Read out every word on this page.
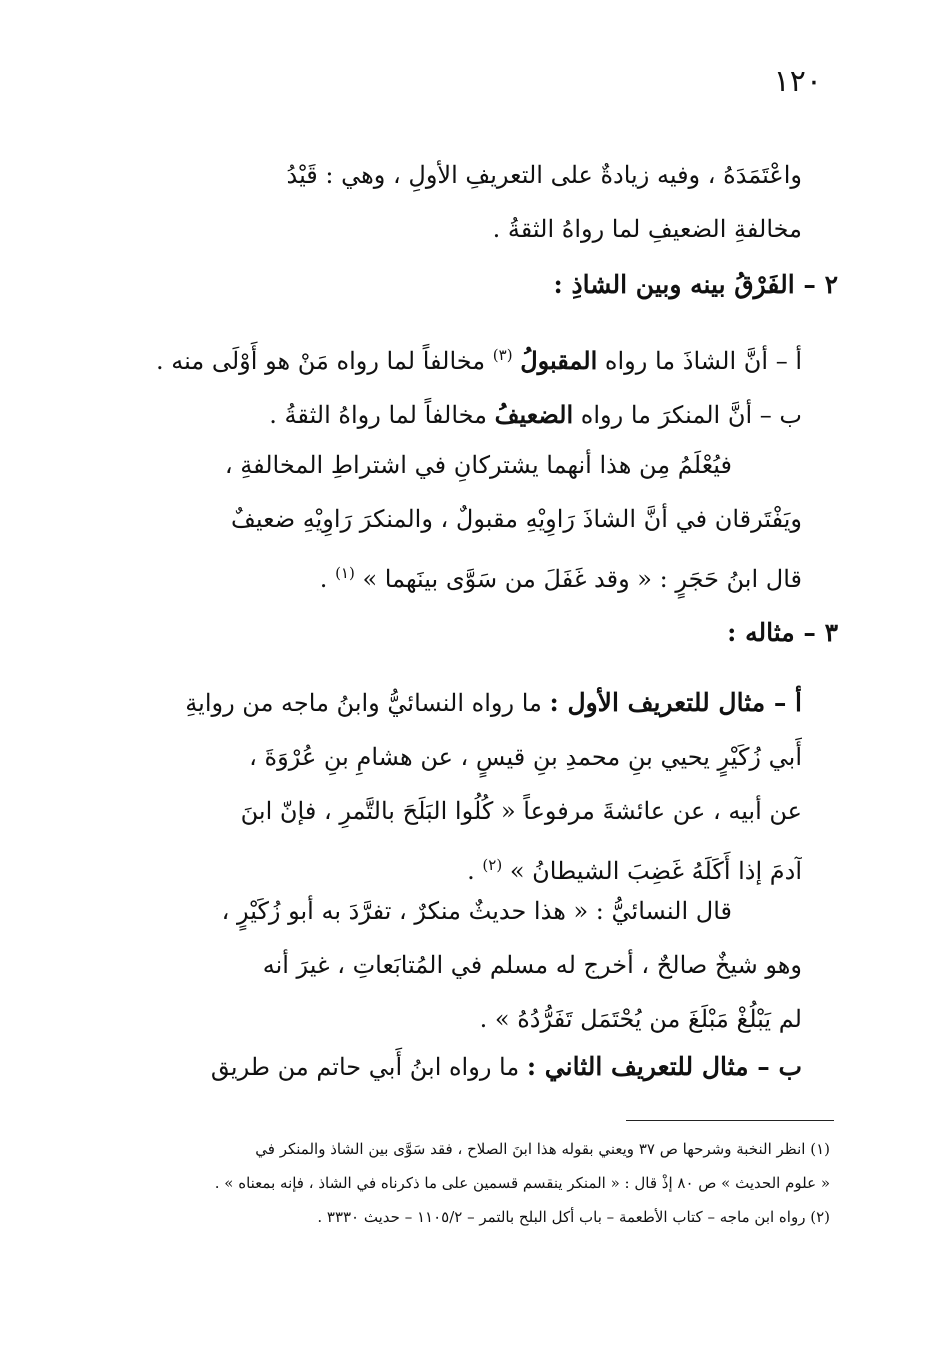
١٢٠
واعْتَمَدَهُ ، وفيه زيادةٌ على التعريفِ الأولِ ، وهي : قَيْدُ
مخالفةِ الضعيفِ لما رواهُ الثقةُ .
٢ – الفَرْقُ بينه وبين الشاذِ :
أ – أنَّ الشاذَ ما رواه المقبولُ $^{(٣)}$ مخالفاً لما رواه مَنْ هو أَوْلَى منه .
ب – أنَّ المنكرَ ما رواه الضعيفُ مخالفاً لما رواهُ الثقةُ .
فيُعْلَمُ مِن هذا أنهما يشتركانِ في اشتراطِ المخالفةِ ،
ويَفْتَرقان في أنَّ الشاذَ رَاوِيْهِ مقبولٌ ، والمنكرَ رَاوِيْهِ ضعيفٌ
قال ابنُ حَجَرٍ : « وقد غَفَلَ من سَوَّى بينَهما » $^{(١)}$ .
٣ – مثاله :
أ – مثال للتعريف الأول : ما رواه النسائيُّ وابنُ ماجه من روايةِ
أَبي زُكَيْرٍ يحيي بنِ محمدِ بنِ قيسٍ ، عن هشامِ بنِ عُرْوَةَ ،
عن أبيه ، عن عائشةَ مرفوعاً « كُلُوا البَلَحَ بالتَّمرِ ، فإنّ ابنَ
آدمَ إذا أَكَلَهُ غَضِبَ الشيطانُ » $^{(٢)}$ .
قال النسائيُّ : « هذا حديثٌ منكرٌ ، تفرَّدَ به أبو زُكَيْرٍ ،
وهو شيخٌ صالحٌ ، أخرج له مسلم في المُتابَعاتِ ، غيرَ أنه
لم يَبْلُغْ مَبْلَغَ من يُحْتَمَل تَفَرُّدُهُ » .
ب – مثال للتعريف الثاني : ما رواه ابنُ أَبي حاتم من طريق
(١) انظر النخبة وشرحها ص ٣٧ ويعني بقوله هذا ابنَ الصلاح ، فقد سَوَّى بين الشاذ والمنكر في
« علوم الحديث » ص ٨٠ إذْ قال : « المنكر ينقسم قسمين على ما ذكرناه في الشاذ ، فإنه بمعناه » .
(٢) رواه ابن ماجه – كتاب الأطعمة – باب أكل البلح بالتمر – ١١٠٥/٢ – حديث ٣٣٣٠ .
